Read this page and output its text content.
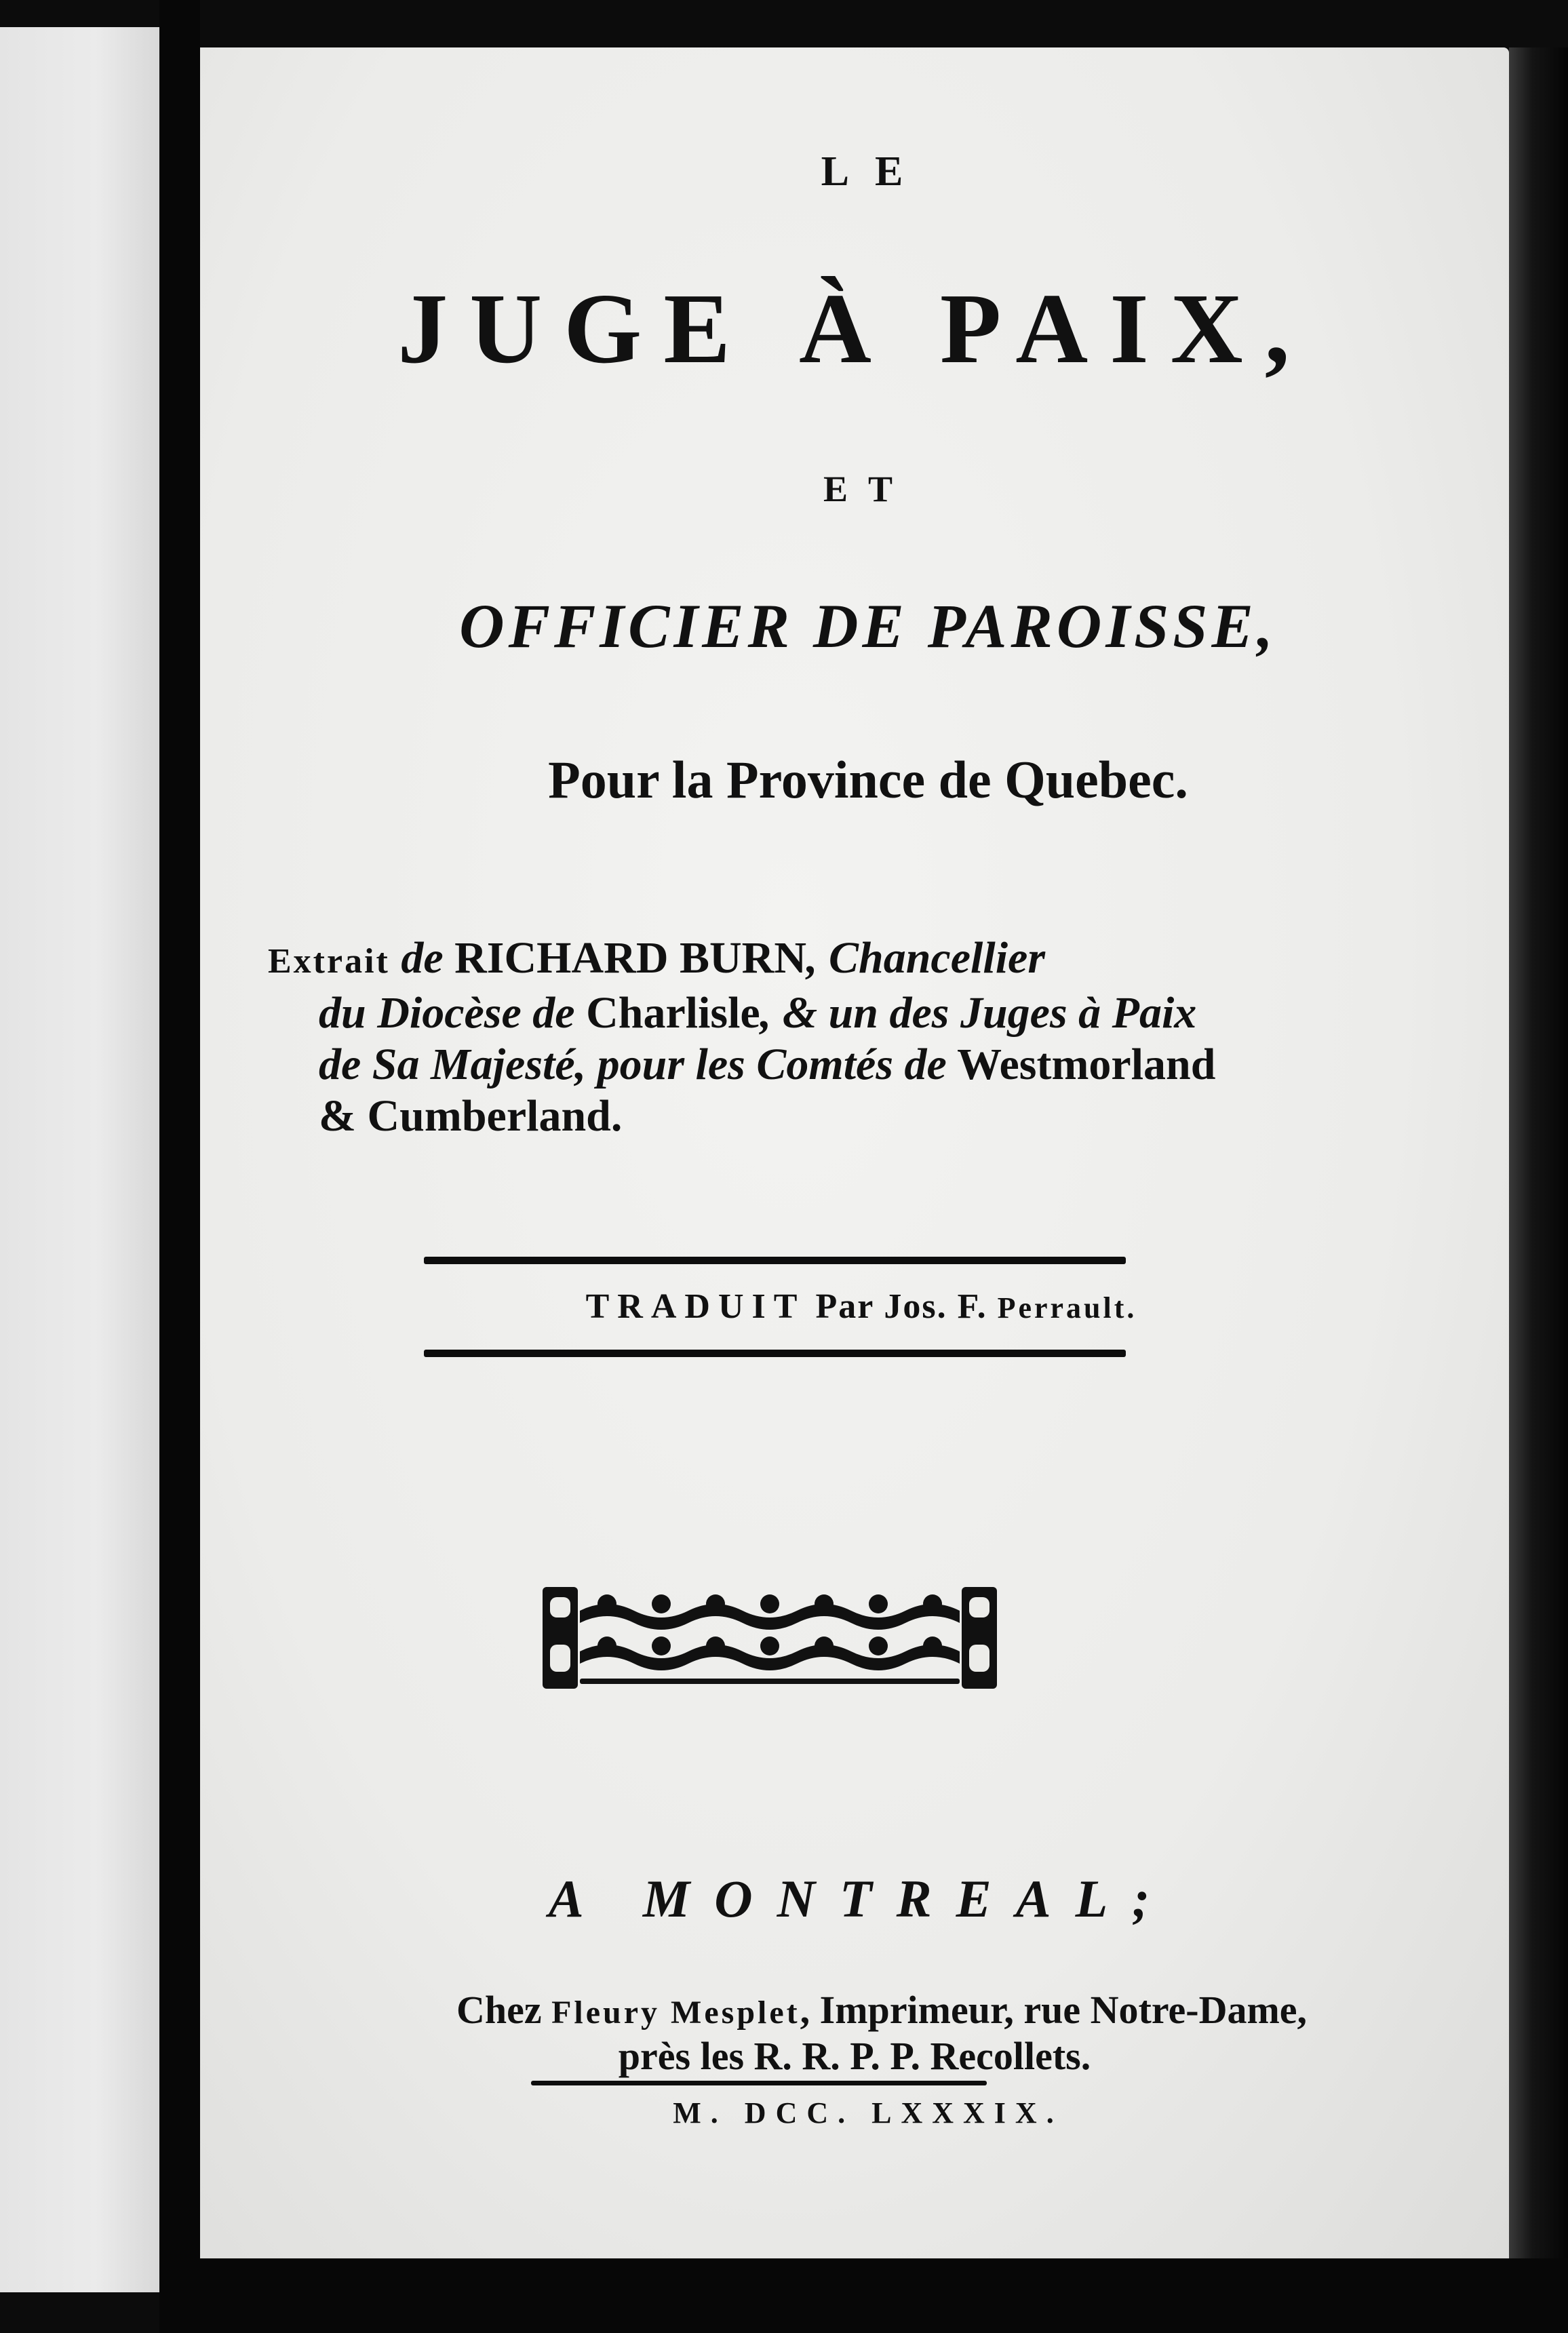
LE
JUGE À PAIX,
ET
OFFICIER DE PAROISSE,
Pour la Province de Quebec.
Extrait de RICHARD BURN, Chancellier
du Diocèse de Charlisle, & un des Juges à Paix
de Sa Majesté, pour les Comtés de Westmorland
& Cumberland.
TRADUIT Par Jos. F. Perrault.
A MONTREAL;
Chez Fleury Mesplet, Imprimeur, rue Notre-Dame,
près les R. R. P. P. Recollets.
M. DCC. LXXXIX.
